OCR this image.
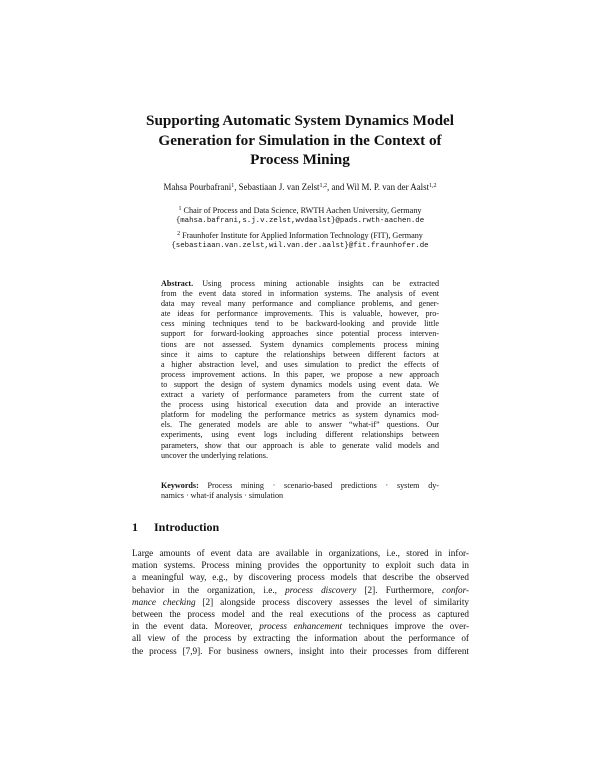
Supporting Automatic System Dynamics Model
Generation for Simulation in the Context of
Process Mining
Mahsa Pourbafrani$^1$, Sebastiaan J. van Zelst$^{1,2}$, and Wil M. P. van der Aalst$^{1,2}$
$^1$ Chair of Process and Data Science, RWTH Aachen University, Germany
{mahsa.bafrani,s.j.v.zelst,wvdaalst}@pads.rwth-aachen.de
$^2$ Fraunhofer Institute for Applied Information Technology (FIT), Germany
{sebastiaan.van.zelst,wil.van.der.aalst}@fit.fraunhofer.de
Abstract. Using process mining actionable insights can be extracted
from the event data stored in information systems. The analysis of event
data may reveal many performance and compliance problems, and gener-
ate ideas for performance improvements. This is valuable, however, pro-
cess mining techniques tend to be backward-looking and provide little
support for forward-looking approaches since potential process interven-
tions are not assessed. System dynamics complements process mining
since it aims to capture the relationships between different factors at
a higher abstraction level, and uses simulation to predict the effects of
process improvement actions. In this paper, we propose a new approach
to support the design of system dynamics models using event data. We
extract a variety of performance parameters from the current state of
the process using historical execution data and provide an interactive
platform for modeling the performance metrics as system dynamics mod-
els. The generated models are able to answer “what-if” questions. Our
experiments, using event logs including different relationships between
parameters, show that our approach is able to generate valid models and
uncover the underlying relations.
Keywords: Process mining · scenario-based predictions · system dy-
namics · what-if analysis · simulation
1 Introduction
Large amounts of event data are available in organizations, i.e., stored in infor-
mation systems. Process mining provides the opportunity to exploit such data in
a meaningful way, e.g., by discovering process models that describe the observed
behavior in the organization, i.e., process discovery [2]. Furthermore, confor-
mance checking [2] alongside process discovery assesses the level of similarity
between the process model and the real executions of the process as captured
in the event data. Moreover, process enhancement techniques improve the over-
all view of the process by extracting the information about the performance of
the process [7,9]. For business owners, insight into their processes from different
